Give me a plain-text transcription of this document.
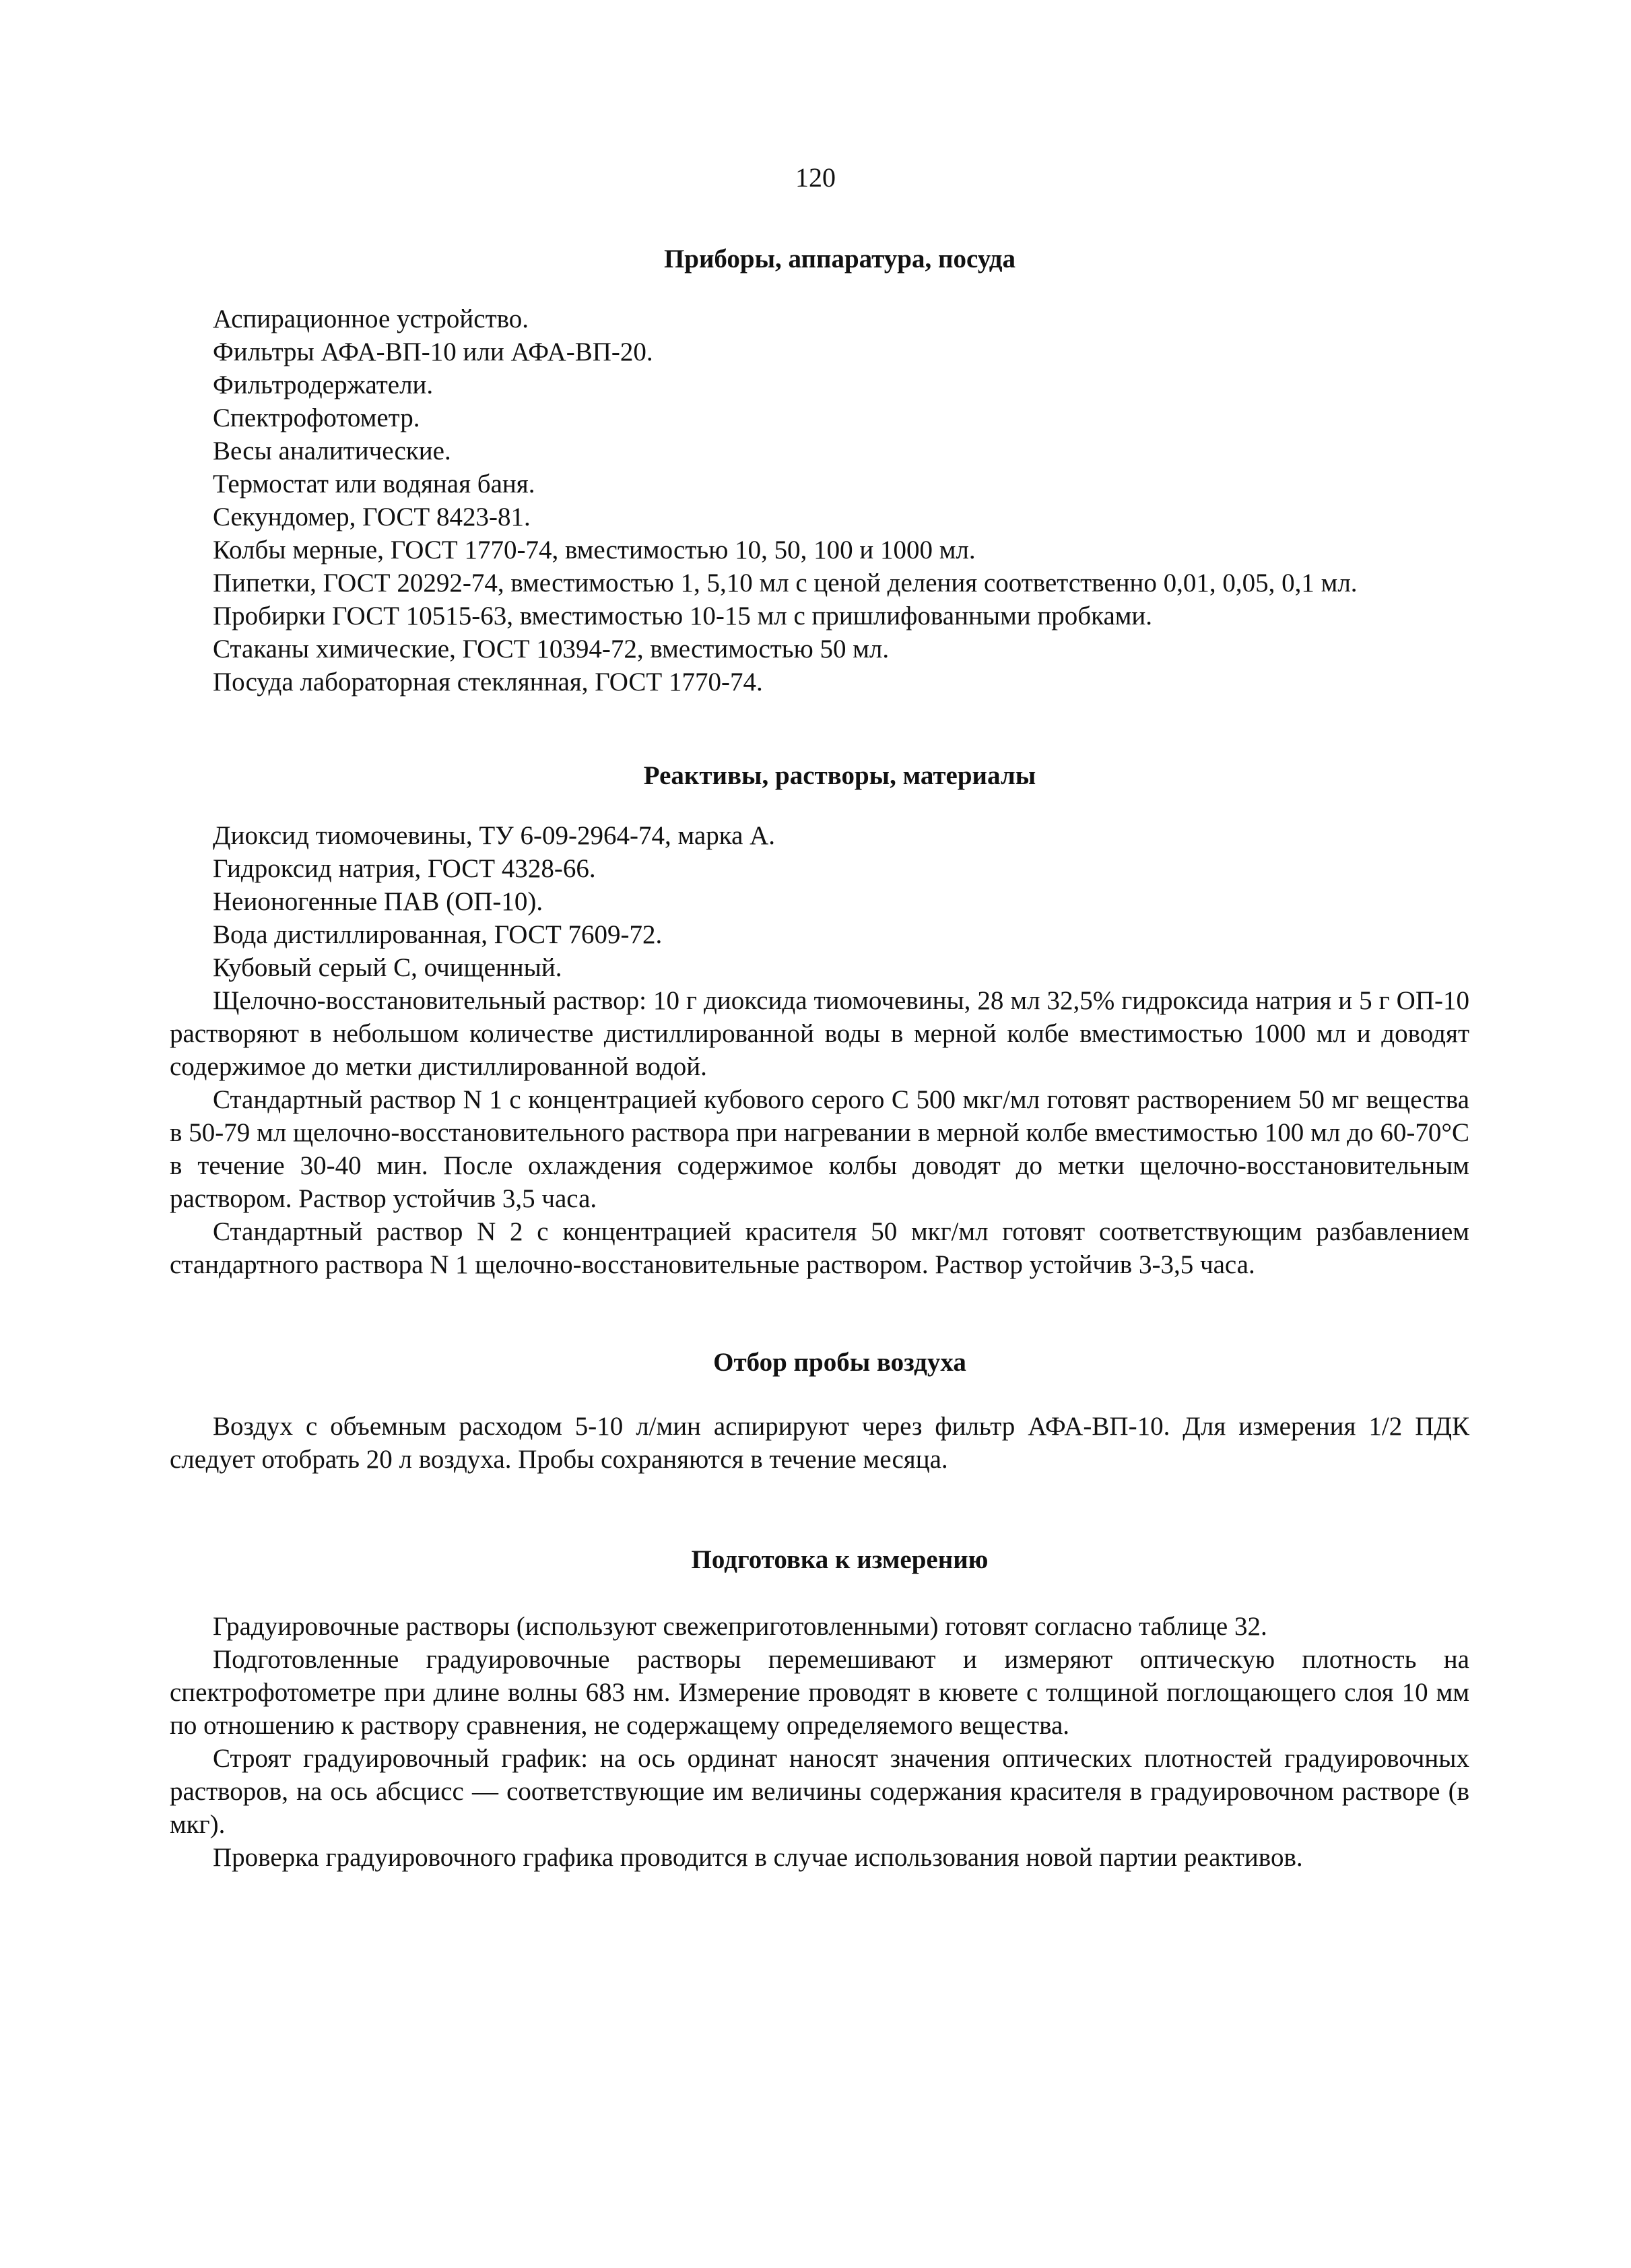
120
Приборы, аппаратура, посуда

Аспирационное устройство.

Фильтры АФА-ВП-10 или АФА-ВП-20.

Фильтродержатели.

Спектрофотометр.

Весы аналитические.

Термостат или водяная баня.

Секундомер, ГОСТ 8423-81.

Колбы мерные, ГОСТ 1770-74, вместимостью 10, 50, 100 и 1000 мл.

Пипетки, ГОСТ 20292-74, вместимостью 1, 5,10 мл с ценой деления соответственно 0,01, 0,05, 0,1 мл.

Пробирки ГОСТ 10515-63, вместимостью 10-15 мл с пришлифованными пробками.

Стаканы химические, ГОСТ 10394-72, вместимостью 50 мл.

Посуда лабораторная стеклянная, ГОСТ 1770-74.

Реактивы, растворы, материалы

Диоксид тиомочевины, ТУ 6-09-2964-74, марка А.

Гидроксид натрия, ГОСТ 4328-66.

Неионогенные ПАВ (ОП-10).

Вода дистиллированная, ГОСТ 7609-72.

Кубовый серый С, очищенный.

Щелочно-восстановительный раствор: 10 г диоксида тиомочевины, 28 мл 32,5% гидроксида натрия и 5 г ОП-10 растворяют в небольшом количестве дистиллированной воды в мерной колбе вместимостью 1000 мл и доводят содержимое до метки дистиллированной водой.

Стандартный раствор N 1 с концентрацией кубового серого С 500 мкг/мл готовят растворением 50 мг вещества в 50-79 мл щелочно-восстановительного раствора при нагревании в мерной колбе вместимостью 100 мл до 60-70°С в течение 30-40 мин. После охлаждения содержимое колбы доводят до метки щелочно-восстановительным раствором. Раствор устойчив 3,5 часа.

Стандартный раствор N 2 с концентрацией красителя 50 мкг/мл готовят соответствующим разбавлением стандартного раствора N 1 щелочно-восстановительные раствором. Раствор устойчив 3-3,5 часа.

Отбор пробы воздуха

Воздух с объемным расходом 5-10 л/мин аспирируют через фильтр АФА-ВП-10. Для измерения 1/2 ПДК следует отобрать 20 л воздуха. Пробы сохраняются в течение месяца.

Подготовка к измерению

Градуировочные растворы (используют свежеприготовленными) готовят согласно таблице 32.

Подготовленные градуировочные растворы перемешивают и измеряют оптическую плотность на спектрофотометре при длине волны 683 нм. Измерение проводят в кювете с толщиной поглощающего слоя 10 мм по отношению к раствору сравнения, не содержащему определяемого вещества.

Строят градуировочный график: на ось ординат наносят значения оптических плотностей градуировочных растворов, на ось абсцисс — соответствующие им величины содержания красителя в градуировочном растворе (в мкг).

Проверка градуировочного графика проводится в случае использования новой партии реактивов.
